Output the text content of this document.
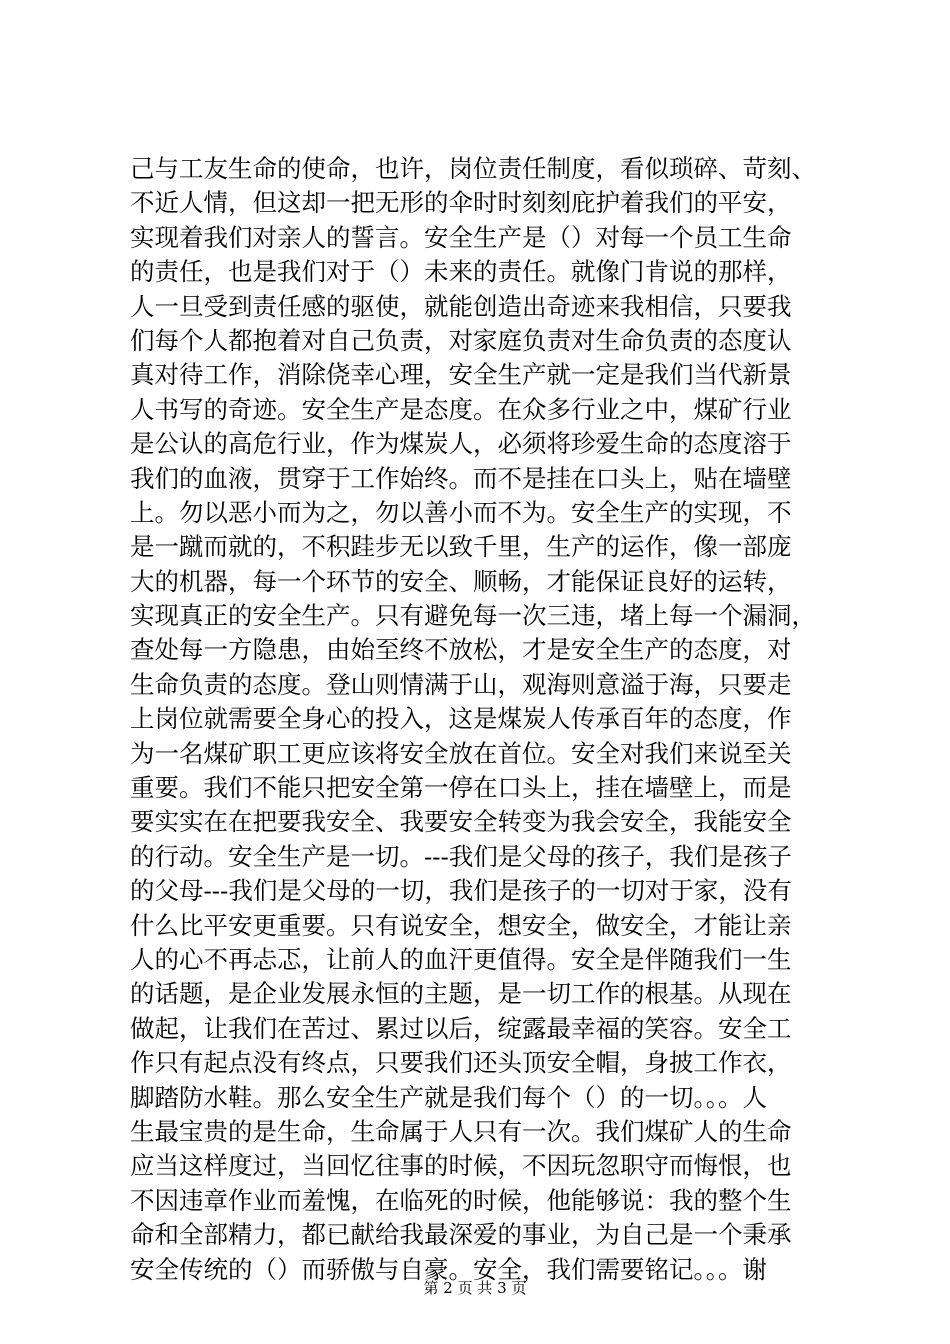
己与工友生命的使命，也许，岗位责任制度，看似琐碎、苛刻、
不近人情，但这却一把无形的伞时时刻刻庇护着我们的平安，
实现着我们对亲人的誓言。安全生产是（）对每一个员工生命
的责任，也是我们对于（）未来的责任。就像门肯说的那样，
人一旦受到责任感的驱使，就能创造出奇迹来我相信，只要我
们每个人都抱着对自己负责，对家庭负责对生命负责的态度认
真对待工作，消除侥幸心理，安全生产就一定是我们当代新景
人书写的奇迹。安全生产是态度。在众多行业之中，煤矿行业
是公认的高危行业，作为煤炭人，必须将珍爱生命的态度溶于
我们的血液，贯穿于工作始终。而不是挂在口头上，贴在墙壁
上。勿以恶小而为之，勿以善小而不为。安全生产的实现，不
是一蹴而就的，不积跬步无以致千里，生产的运作，像一部庞
大的机器，每一个环节的安全、顺畅，才能保证良好的运转，
实现真正的安全生产。只有避免每一次三违，堵上每一个漏洞，
查处每一方隐患，由始至终不放松，才是安全生产的态度，对
生命负责的态度。登山则情满于山，观海则意溢于海，只要走
上岗位就需要全身心的投入，这是煤炭人传承百年的态度，作
为一名煤矿职工更应该将安全放在首位。安全对我们来说至关
重要。我们不能只把安全第一停在口头上，挂在墙壁上，而是
要实实在在把要我安全、我要安全转变为我会安全，我能安全
的行动。安全生产是一切。---我们是父母的孩子，我们是孩子
的父母---我们是父母的一切，我们是孩子的一切对于家，没有
什么比平安更重要。只有说安全，想安全，做安全，才能让亲
人的心不再忐忑，让前人的血汗更值得。安全是伴随我们一生
的话题，是企业发展永恒的主题，是一切工作的根基。从现在
做起，让我们在苦过、累过以后，绽露最幸福的笑容。安全工
作只有起点没有终点，只要我们还头顶安全帽，身披工作衣，
脚踏防水鞋。那么安全生产就是我们每个（）的一切。。。人
生最宝贵的是生命，生命属于人只有一次。我们煤矿人的生命
应当这样度过，当回忆往事的时候，不因玩忽职守而悔恨，也
不因违章作业而羞愧，在临死的时候，他能够说：我的整个生
命和全部精力，都已献给我最深爱的事业，为自己是一个秉承
安全传统的（）而骄傲与自豪。安全，我们需要铭记。。。谢
第 2 页 共 3 页
